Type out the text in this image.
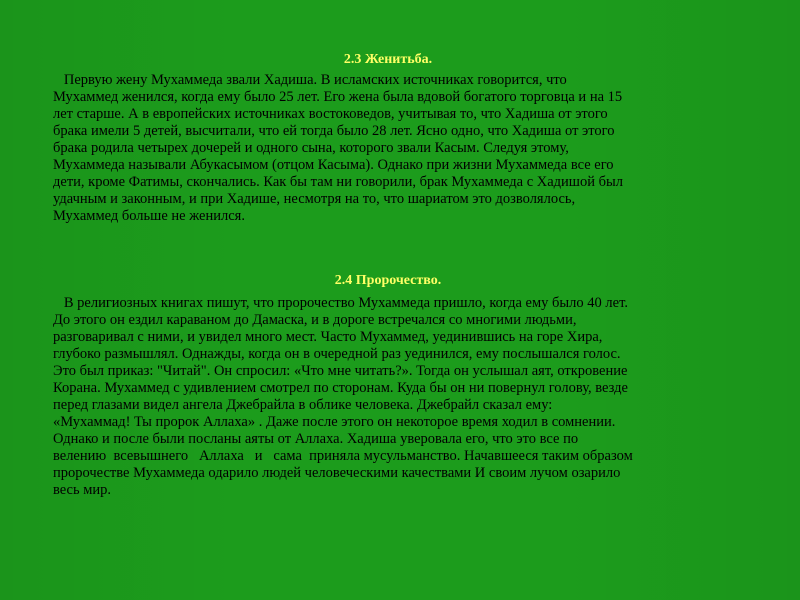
2.3 Женитьба.
Первую жену Мухаммеда звали Хадиша. В исламских источниках говорится, что
Мухаммед женился, когда ему было 25 лет. Его жена была вдовой богатого торговца и на 15
лет старше. А в европейских источниках востоковедов, учитывая то, что Хадиша от этого
брака имели 5 детей, высчитали, что ей тогда было 28 лет. Ясно одно, что Хадиша от этого
брака родила четырех дочерей и одного сына, которого звали Касым. Следуя этому,
Мухаммеда называли Абукасымом (отцом Касыма). Однако при жизни Мухаммеда все его
дети, кроме Фатимы, скончались. Как бы там ни говорили, брак Мухаммеда с Хадишой был
удачным и законным, и при Хадише, несмотря на то, что шариатом это дозволялось,
Мухаммед больше не женился.
2.4 Пророчество.
В религиозных книгах пишут, что пророчество Мухаммеда пришло, когда ему было 40 лет.
До этого он ездил караваном до Дамаска, и в дороге встречался со многими людьми,
разговаривал с ними, и увидел много мест. Часто Мухаммед, уединившись на горе Хира,
глубоко размышлял. Однажды, когда он в очередной раз уединился, ему послышался голос.
Это был приказ: "Читай". Он спросил: «Что мне читать?». Тогда он услышал аят, откровение
Корана. Мухаммед с удивлением смотрел по сторонам. Куда бы он ни повернул голову, везде
перед глазами видел ангела Джебрайла в облике человека. Джебрайл сказал ему:
«Мухаммад! Ты пророк Аллаха» . Даже после этого он некоторое время ходил в сомнении.
Однако и после были посланы аяты от Аллаха. Хадиша уверовала его, что это все по
велению  всевышнего   Аллаха   и   сама  приняла мусульманство. Начавшееся таким образом
пророчестве Мухаммеда одарило людей человеческими качествами И своим лучом озарило
весь мир.
